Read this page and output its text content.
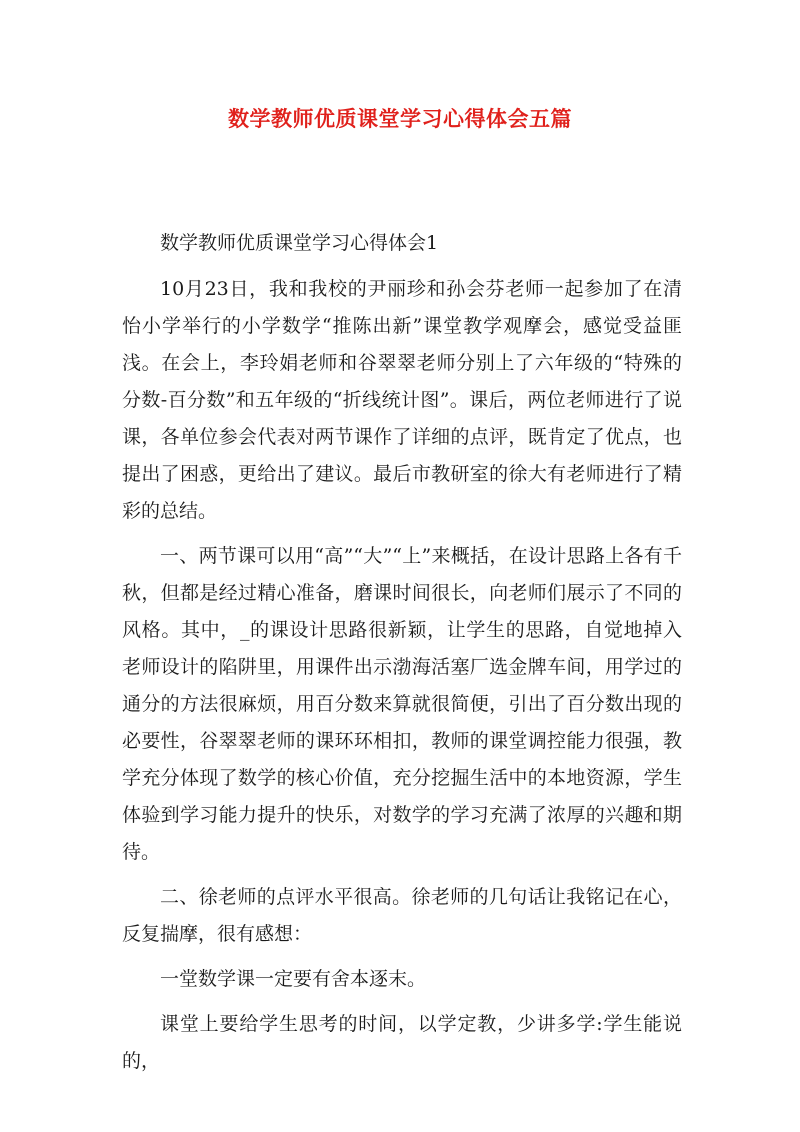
数学教师优质课堂学习心得体会五篇

数学教师优质课堂学习心得体会1

10月23日，我和我校的尹丽珍和孙会芬老师一起参加了在清怡小学举行的小学数学“推陈出新”课堂教学观摩会，感觉受益匪浅。在会上，李玲娟老师和谷翠翠老师分别上了六年级的“特殊的分数-百分数”和五年级的“折线统计图”。课后，两位老师进行了说课，各单位参会代表对两节课作了详细的点评，既肯定了优点，也提出了困惑，更给出了建议。最后市教研室的徐大有老师进行了精彩的总结。

一、两节课可以用“高”“大”“上”来概括，在设计思路上各有千秋，但都是经过精心准备，磨课时间很长，向老师们展示了不同的风格。其中，_的课设计思路很新颖，让学生的思路，自觉地掉入老师设计的陷阱里，用课件出示渤海活塞厂选金牌车间，用学过的通分的方法很麻烦，用百分数来算就很简便，引出了百分数出现的必要性，谷翠翠老师的课环环相扣，教师的课堂调控能力很强，教学充分体现了数学的核心价值，充分挖掘生活中的本地资源，学生体验到学习能力提升的快乐，对数学的学习充满了浓厚的兴趣和期待。

二、徐老师的点评水平很高。徐老师的几句话让我铭记在心，反复揣摩，很有感想：

一堂数学课一定要有舍本逐末。

课堂上要给学生思考的时间，以学定教，少讲多学:学生能说的，
